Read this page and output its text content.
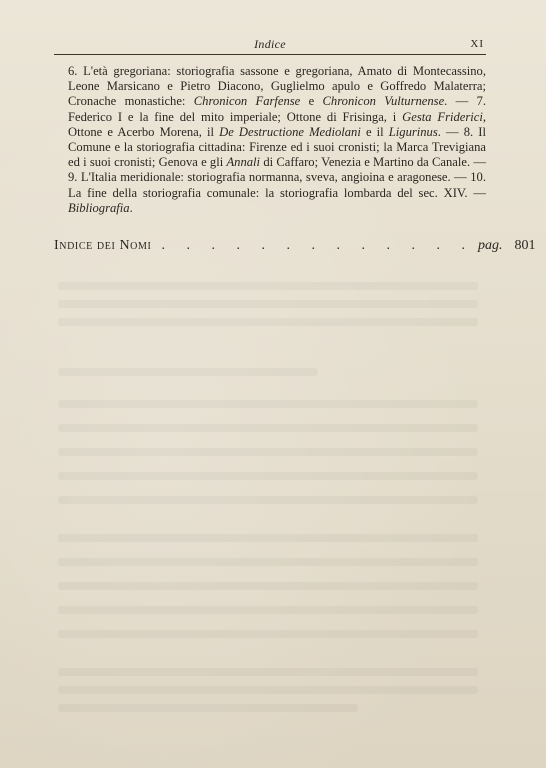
Indice	XI

6. L'età gregoriana: storiografia sassone e gregoriana, Amato di Montecassino, Leone Marsicano e Pietro Diacono, Guglielmo apulo e Goffredo Malaterra; Cronache monastiche: Chronicon Farfense e Chronicon Vulturnense. — 7. Federico I e la fine del mito imperiale; Ottone di Frisinga, i Gesta Friderici, Ottone e Acerbo Morena, il De Destructione Mediolani e il Ligurinus. — 8. Il Comune e la storiografia cittadina: Firenze ed i suoi cronisti; la Marca Trevigiana ed i suoi cronisti; Genova e gli Annali di Caffaro; Venezia e Martino da Canale. — 9. L'Italia meridionale: storiografia normanna, sveva, angioina e aragonese. — 10. La fine della storiografia comunale: la storiografia lombarda del sec. XIV. — Bibliografia.

Indice dei Nomi . . . . . . . . . . . . . pag. 801
